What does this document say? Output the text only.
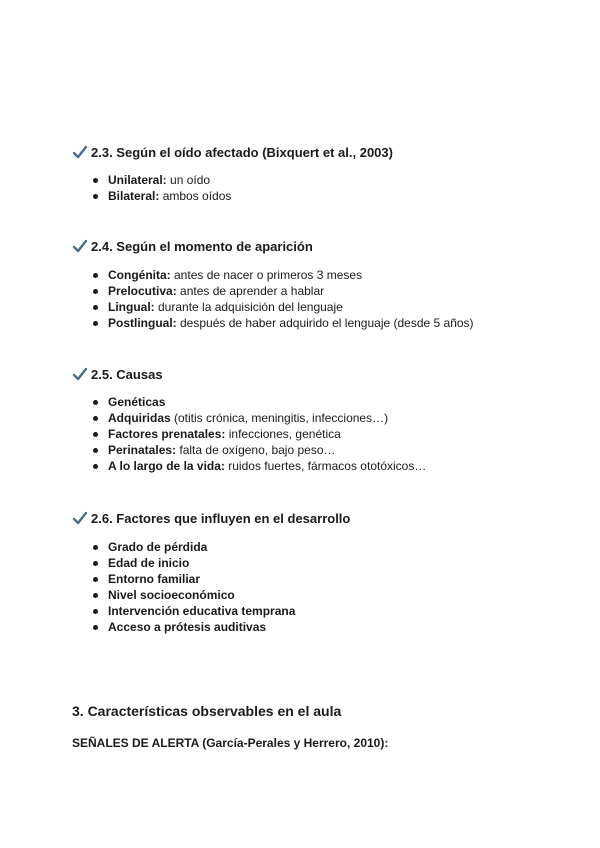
2.3. Según el oído afectado (Bixquert et al., 2003)
Unilateral: un oído
Bilateral: ambos oídos
2.4. Según el momento de aparición
Congénita: antes de nacer o primeros 3 meses
Prelocutiva: antes de aprender a hablar
Lingual: durante la adquisición del lenguaje
Postlingual: después de haber adquirido el lenguaje (desde 5 años)
2.5. Causas
Genéticas
Adquiridas (otitis crónica, meningitis, infecciones…)
Factores prenatales: infecciones, genética
Perinatales: falta de oxígeno, bajo peso…
A lo largo de la vida: ruidos fuertes, fármacos ototóxicos…
2.6. Factores que influyen en el desarrollo
Grado de pérdida
Edad de inicio
Entorno familiar
Nivel socioeconómico
Intervención educativa temprana
Acceso a prótesis auditivas
3. Características observables en el aula
SEÑALES DE ALERTA (García-Perales y Herrero, 2010):
